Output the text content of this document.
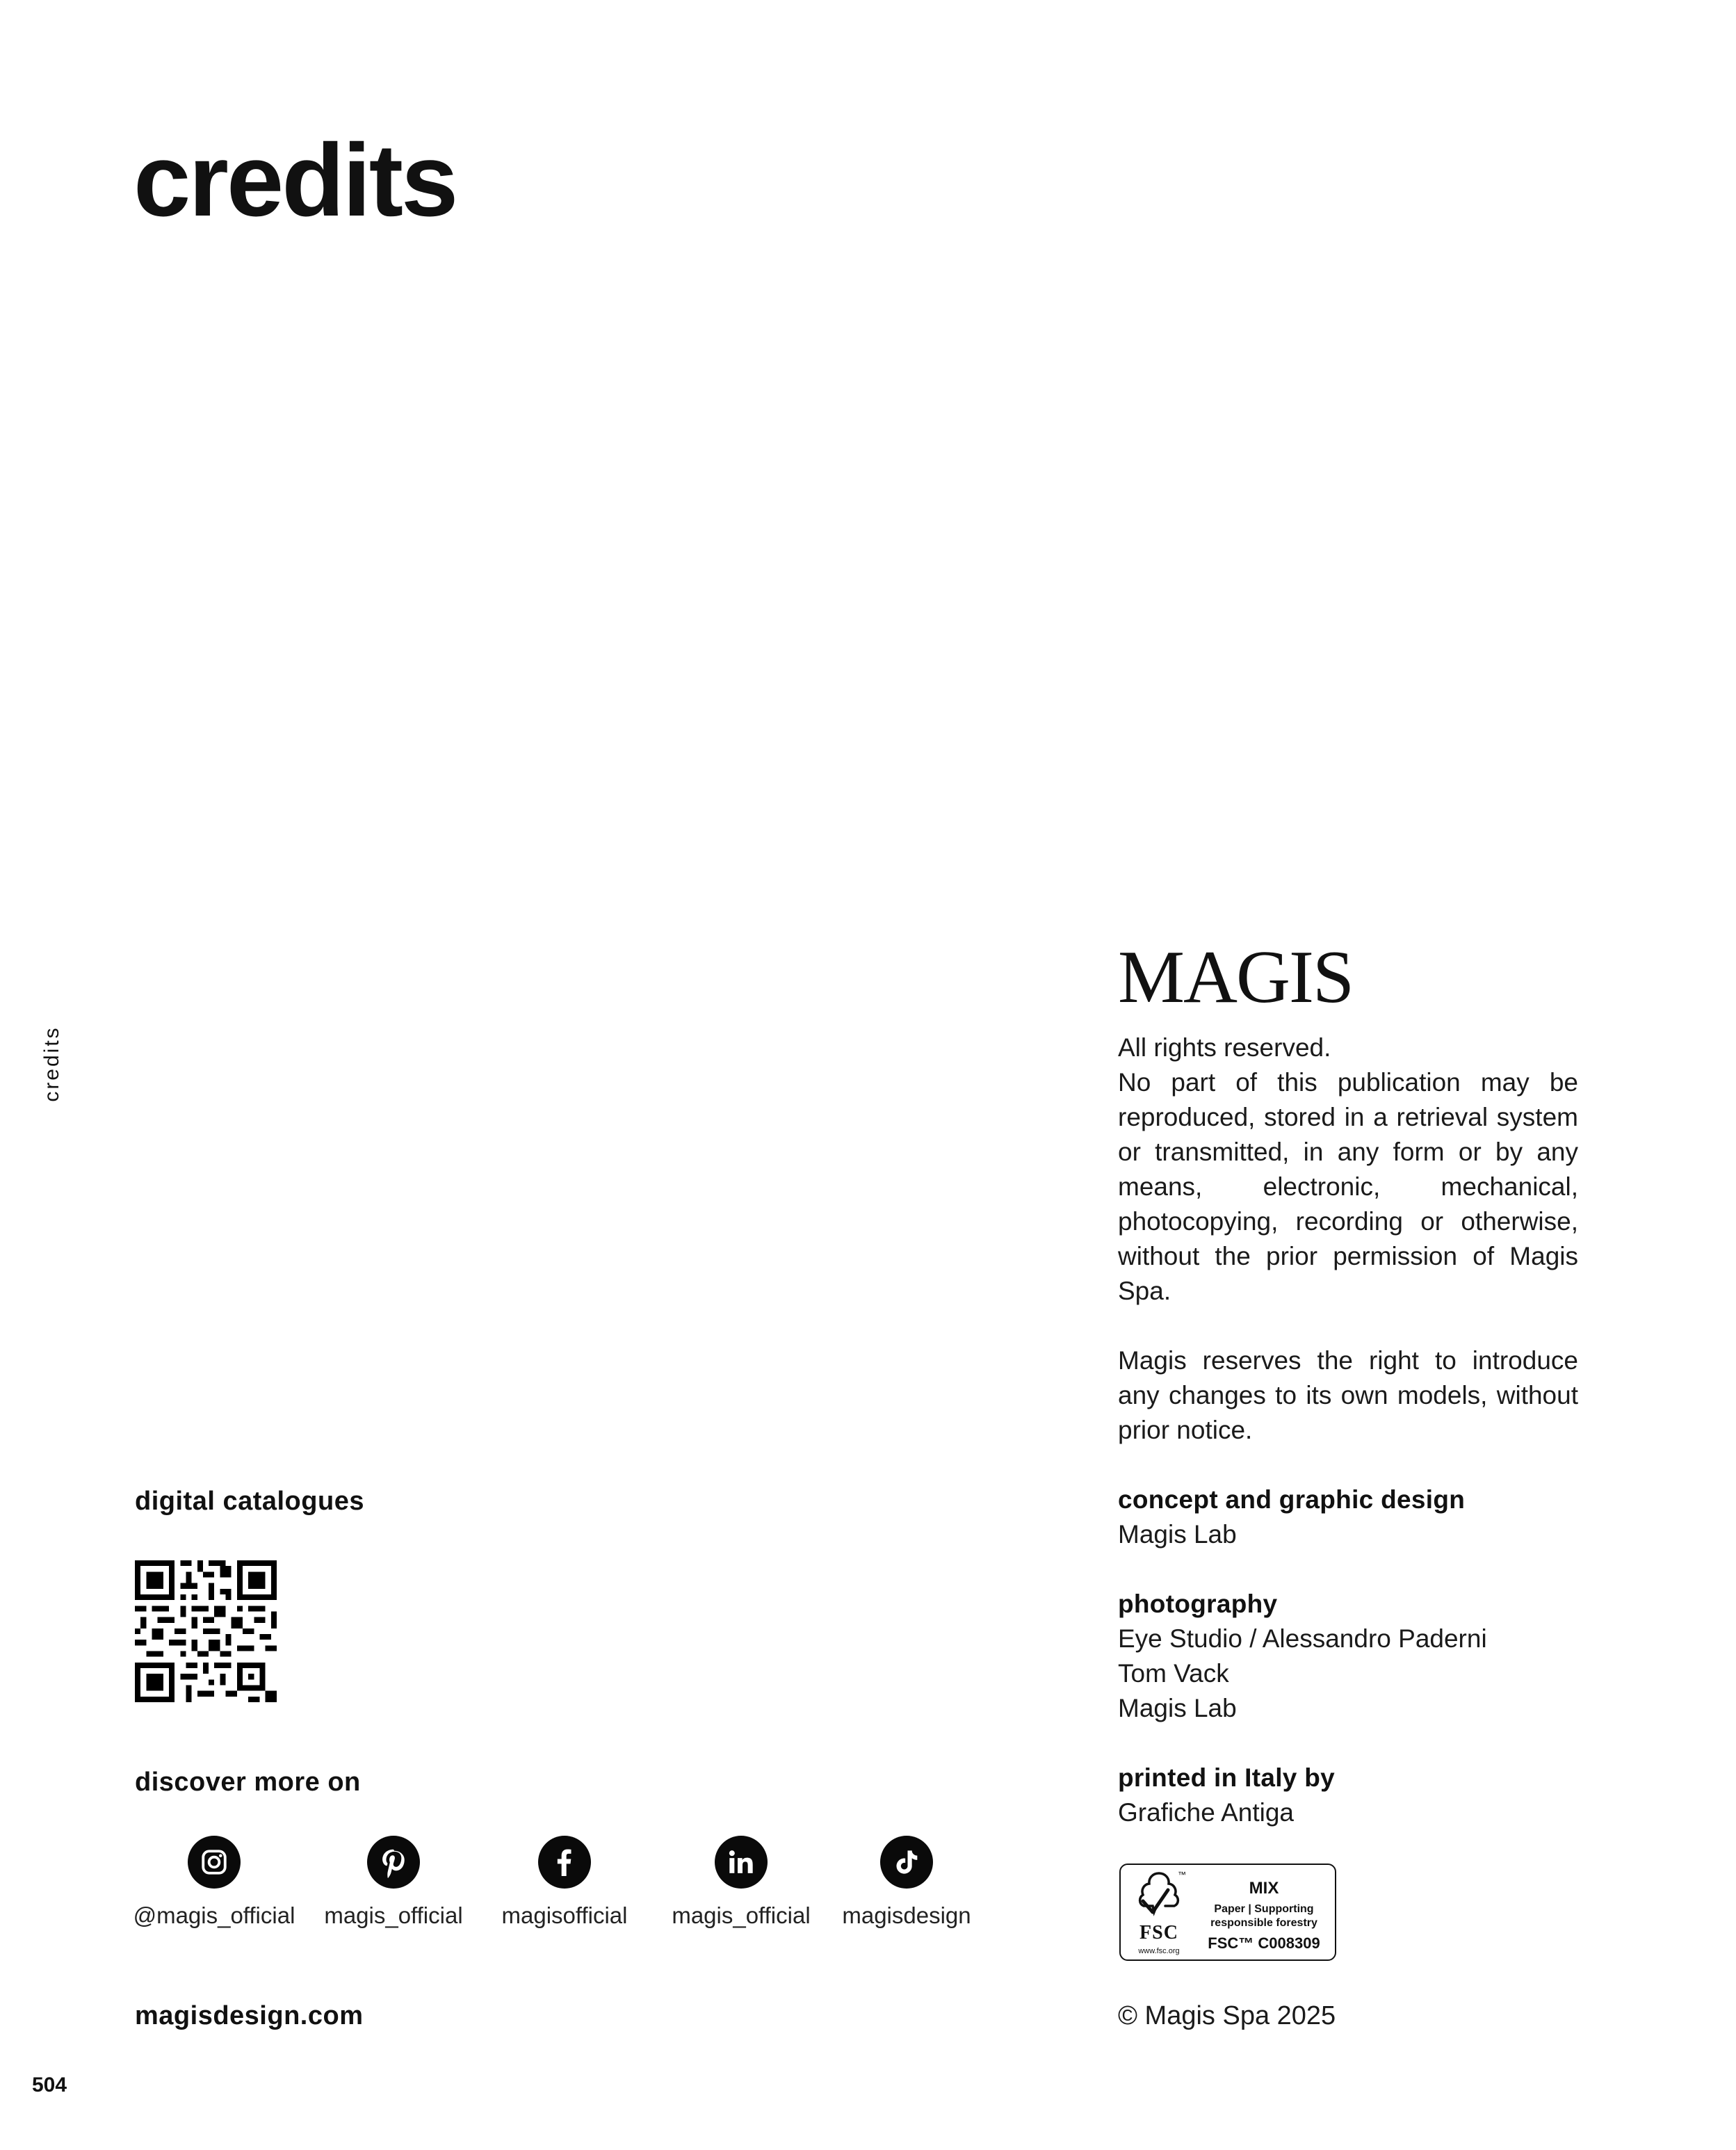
credits
credits
504
digital catalogues
discover more on
@magis_official magis_official magisofficial magis_official magisdesign
magisdesign.com
MAGIS

All rights reserved.
No part of this publication may be reproduced, stored in a retrieval system or transmitted, in any form or by any means, electronic, mechanical, photocopying, recording or otherwise, without the prior permission of Magis Spa.

Magis reserves the right to introduce any changes to its own models, without prior notice.

concept and graphic design
Magis Lab
photography
Eye Studio / Alessandro Paderni
Tom Vack
Magis Lab
printed in Italy by
Grafiche Antiga
™
FSC
www.fsc.org
MIX
Paper | Supporting
responsible forestry
FSC™ C008309
© Magis Spa 2025
